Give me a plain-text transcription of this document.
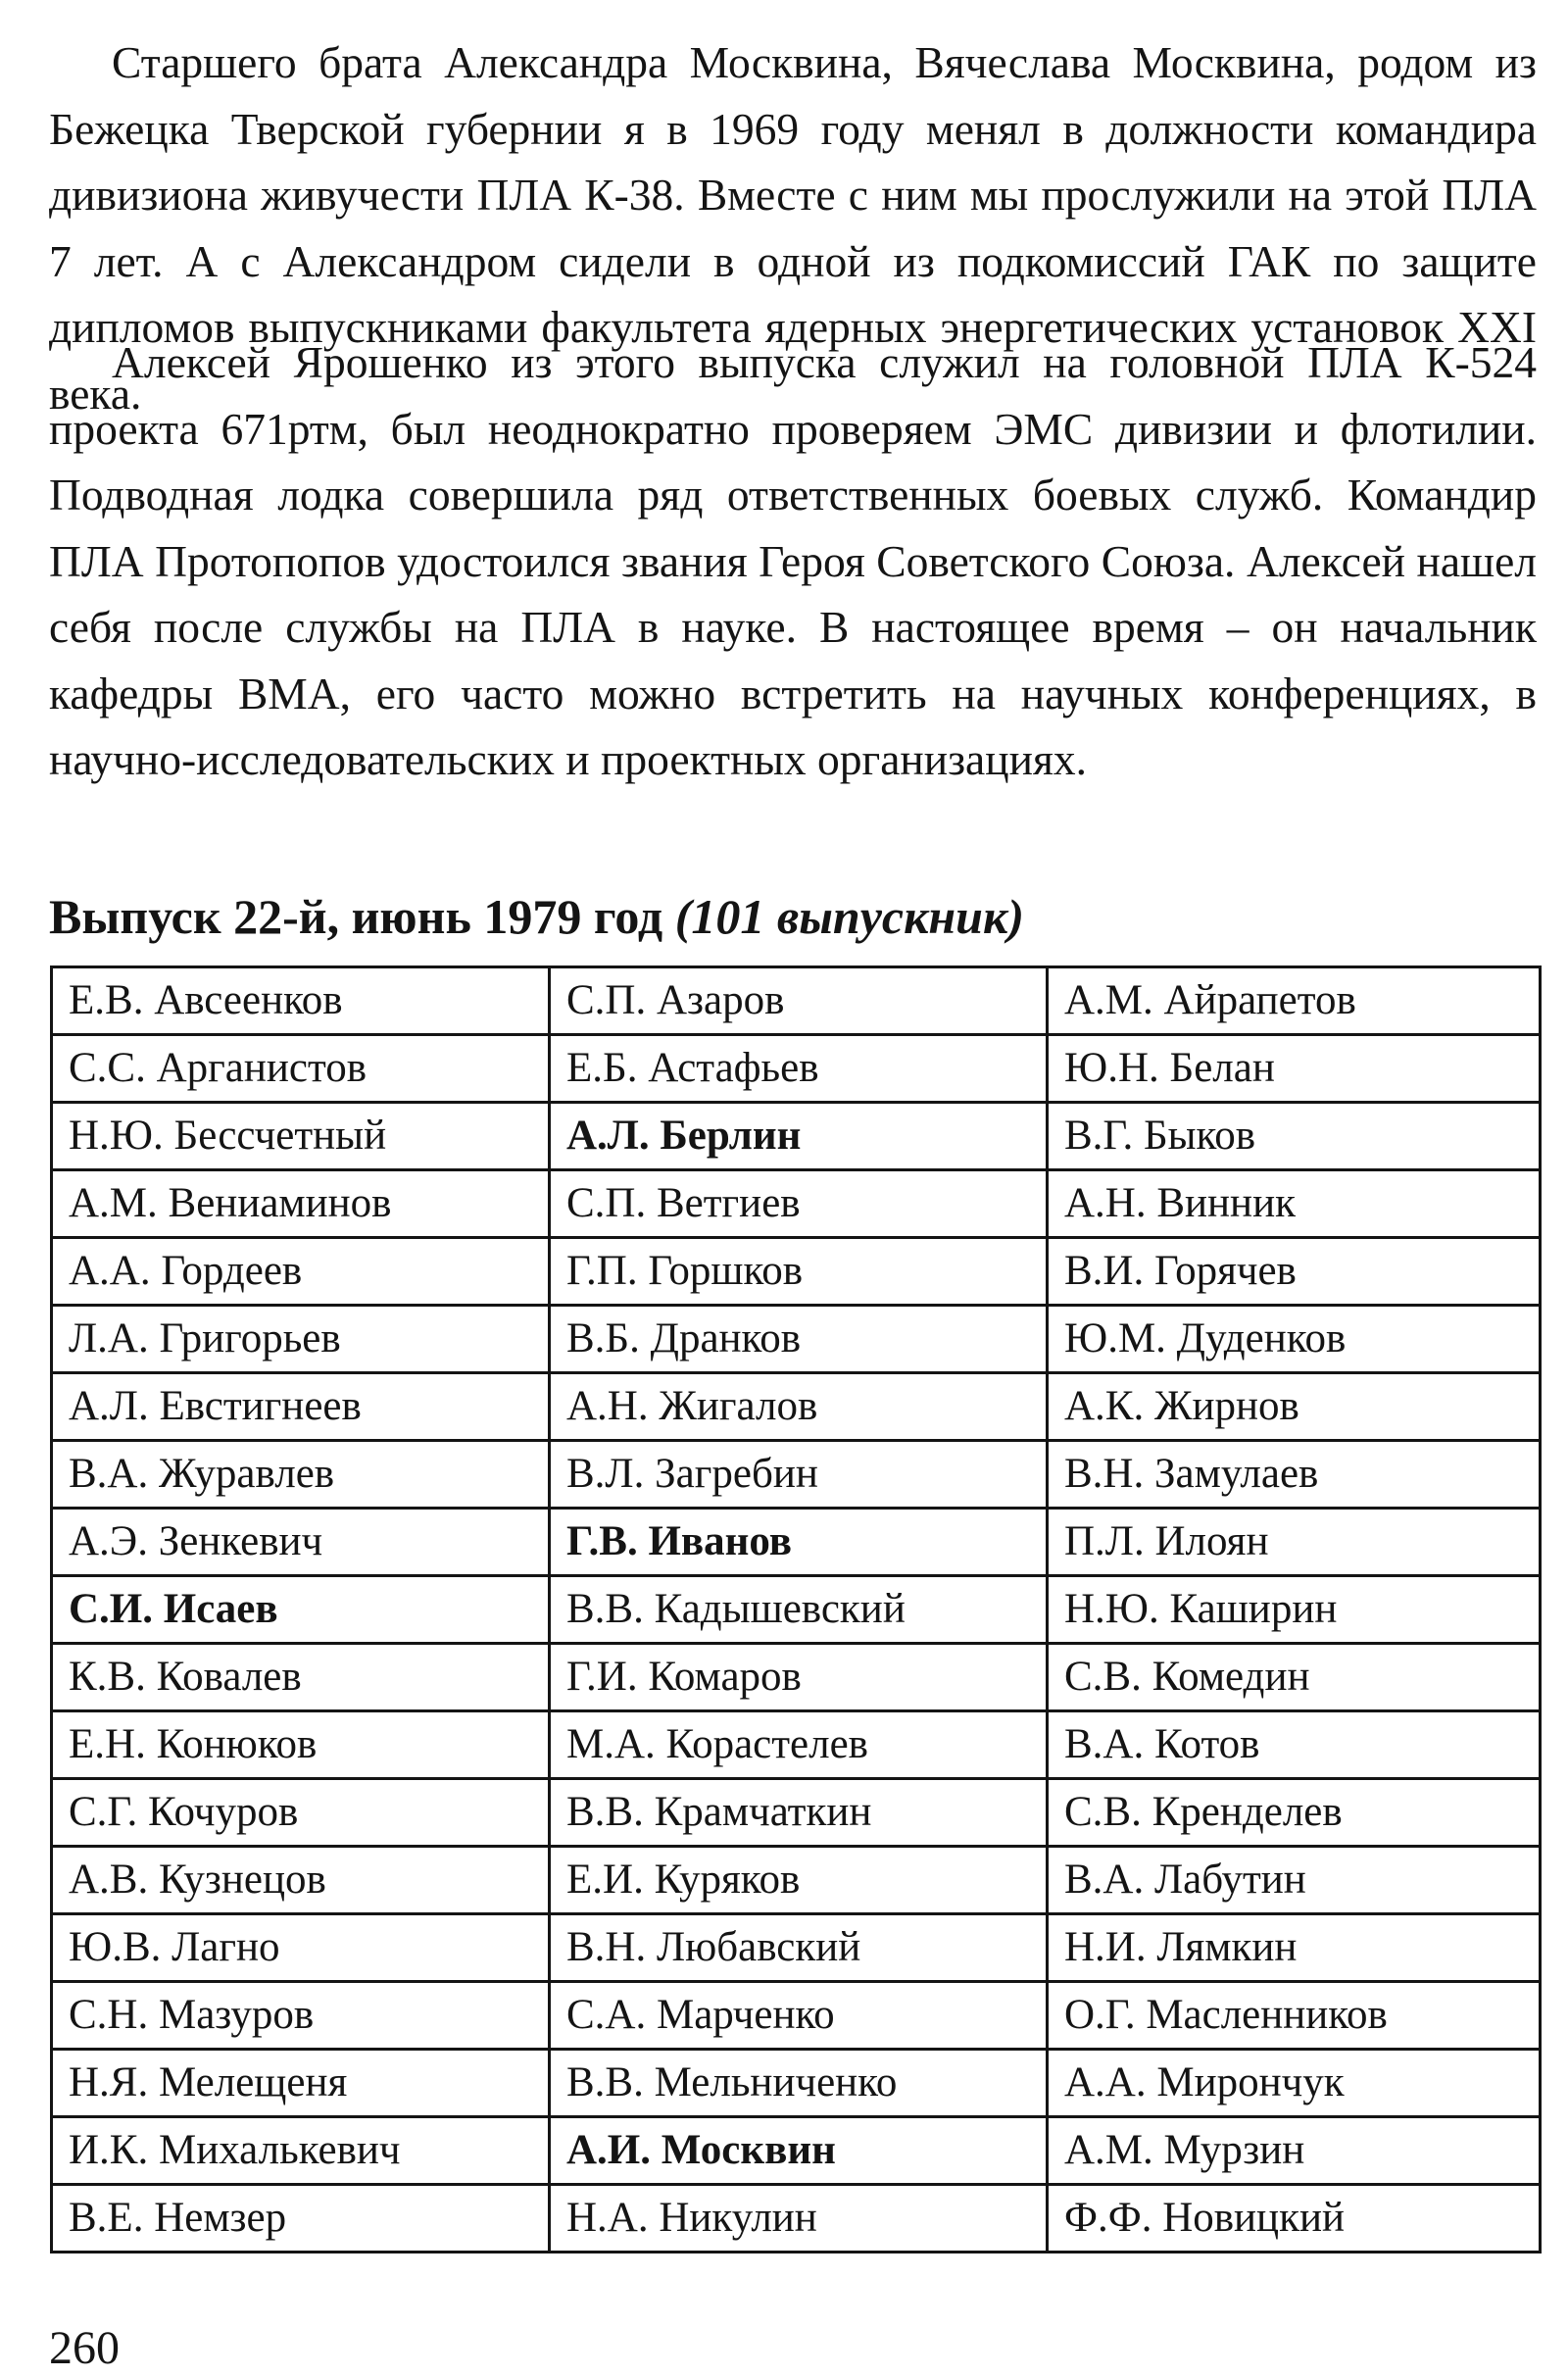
Старшего брата Александра Москвина, Вячеслава Москвина, родом из Бежецка Тверской губернии я в 1969 году менял в должности командира дивизиона живучести ПЛА К-38. Вместе с ним мы прослужили на этой ПЛА 7 лет. А с Александром сидели в одной из подкомиссий ГАК по защите дипломов выпускниками факультета ядерных энергетических установок XXI века.

Алексей Ярошенко из этого выпуска служил на головной ПЛА К-524 проекта 671ртм, был неоднократно проверяем ЭМС дивизии и флотилии. Подводная лодка совершила ряд ответственных боевых служб. Командир ПЛА Протопопов удостоился звания Героя Советского Союза. Алексей нашел себя после службы на ПЛА в науке. В настоящее время – он начальник кафедры ВМА, его часто можно встретить на научных конференциях, в научно-исследовательских и проектных организациях.

Выпуск 22-й, июнь 1979 год (101 выпускник)
Е.В. Авсеенков	С.П. Азаров	А.М. Айрапетов
С.С. Арганистов	Е.Б. Астафьев	Ю.Н. Белан
Н.Ю. Бессчетный	А.Л. Берлин	В.Г. Быков
А.М. Вениаминов	С.П. Ветгиев	А.Н. Винник
А.А. Гордеев	Г.П. Горшков	В.И. Горячев
Л.А. Григорьев	В.Б. Дранков	Ю.М. Дуденков
А.Л. Евстигнеев	А.Н. Жигалов	А.К. Жирнов
В.А. Журавлев	В.Л. Загребин	В.Н. Замулаев
А.Э. Зенкевич	Г.В. Иванов	П.Л. Илоян
С.И. Исаев	В.В. Кадышевский	Н.Ю. Каширин
К.В. Ковалев	Г.И. Комаров	С.В. Комедин
Е.Н. Конюков	М.А. Корастелев	В.А. Котов
С.Г. Кочуров	В.В. Крамчаткин	С.В. Кренделев
А.В. Кузнецов	Е.И. Куряков	В.А. Лабутин
Ю.В. Лагно	В.Н. Любавский	Н.И. Лямкин
С.Н. Мазуров	С.А. Марченко	О.Г. Масленников
Н.Я. Мелещеня	В.В. Мельниченко	А.А. Мирончук
И.К. Михалькевич	А.И. Москвин	А.М. Мурзин
В.Е. Немзер	Н.А. Никулин	Ф.Ф. Новицкий
260
